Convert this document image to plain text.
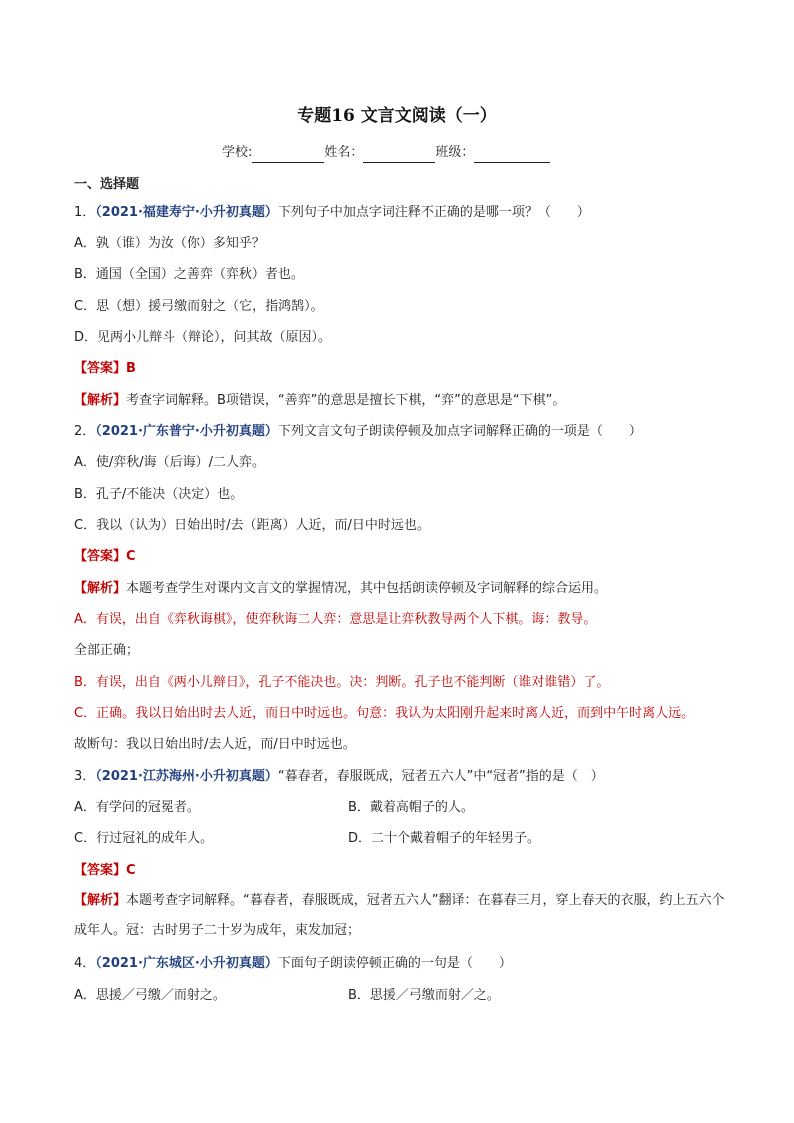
专题16 文言文阅读（一）
学校:	姓名：	班级：
一、选择题
1．（2021·福建寿宁·小升初真题）下列句子中加点字词注释不正确的是哪一项？（　　）
A．孰（谁）为汝（你）多知乎？
B．通国（全国）之善弈（弈秋）者也。
C．思（想）援弓缴而射之（它，指鸿鹄）。
D．见两小儿辩斗（辩论），问其故（原因）。
【答案】B
【解析】考查字词解释。B项错误，“善弈”的意思是擅长下棋，“弈”的意思是“下棋”。
2．（2021·广东普宁·小升初真题）下列文言文句子朗读停顿及加点字词解释正确的一项是（　　）
A．使/弈秋/诲（后诲）/二人弈。
B．孔子/不能决（决定）也。
C．我以（认为）日始出时/去（距离）人近，而/日中时远也。
【答案】C
【解析】本题考查学生对课内文言文的掌握情况，其中包括朗读停顿及字词解释的综合运用。
A．有误，出自《弈秋诲棋》，使弈秋诲二人弈：意思是让弈秋教导两个人下棋。诲：教导。
全部正确；
B．有误，出自《两小儿辩日》，孔子不能决也。决：判断。孔子也不能判断（谁对谁错）了。
C．正确。我以日始出时去人近，而日中时远也。句意：我认为太阳刚升起来时离人近，而到中午时离人远。
故断句：我以日始出时/去人近，而/日中时远也。
3．（2021·江苏海州·小升初真题）“暮春者，春服既成，冠者五六人”中“冠者”指的是（　）
A．有学问的冠冕者。	B．戴着高帽子的人。
C．行过冠礼的成年人。	D．二十个戴着帽子的年轻男子。
【答案】C
【解析】本题考查字词解释。“暮春者，春服既成，冠者五六人”翻译：在暮春三月，穿上春天的衣服，约上五六个成年人。冠：古时男子二十岁为成年，束发加冠；
4．（2021·广东城区·小升初真题）下面句子朗读停顿正确的一句是（　　）
A．思援／弓缴／而射之。	B．思援／弓缴而射／之。
